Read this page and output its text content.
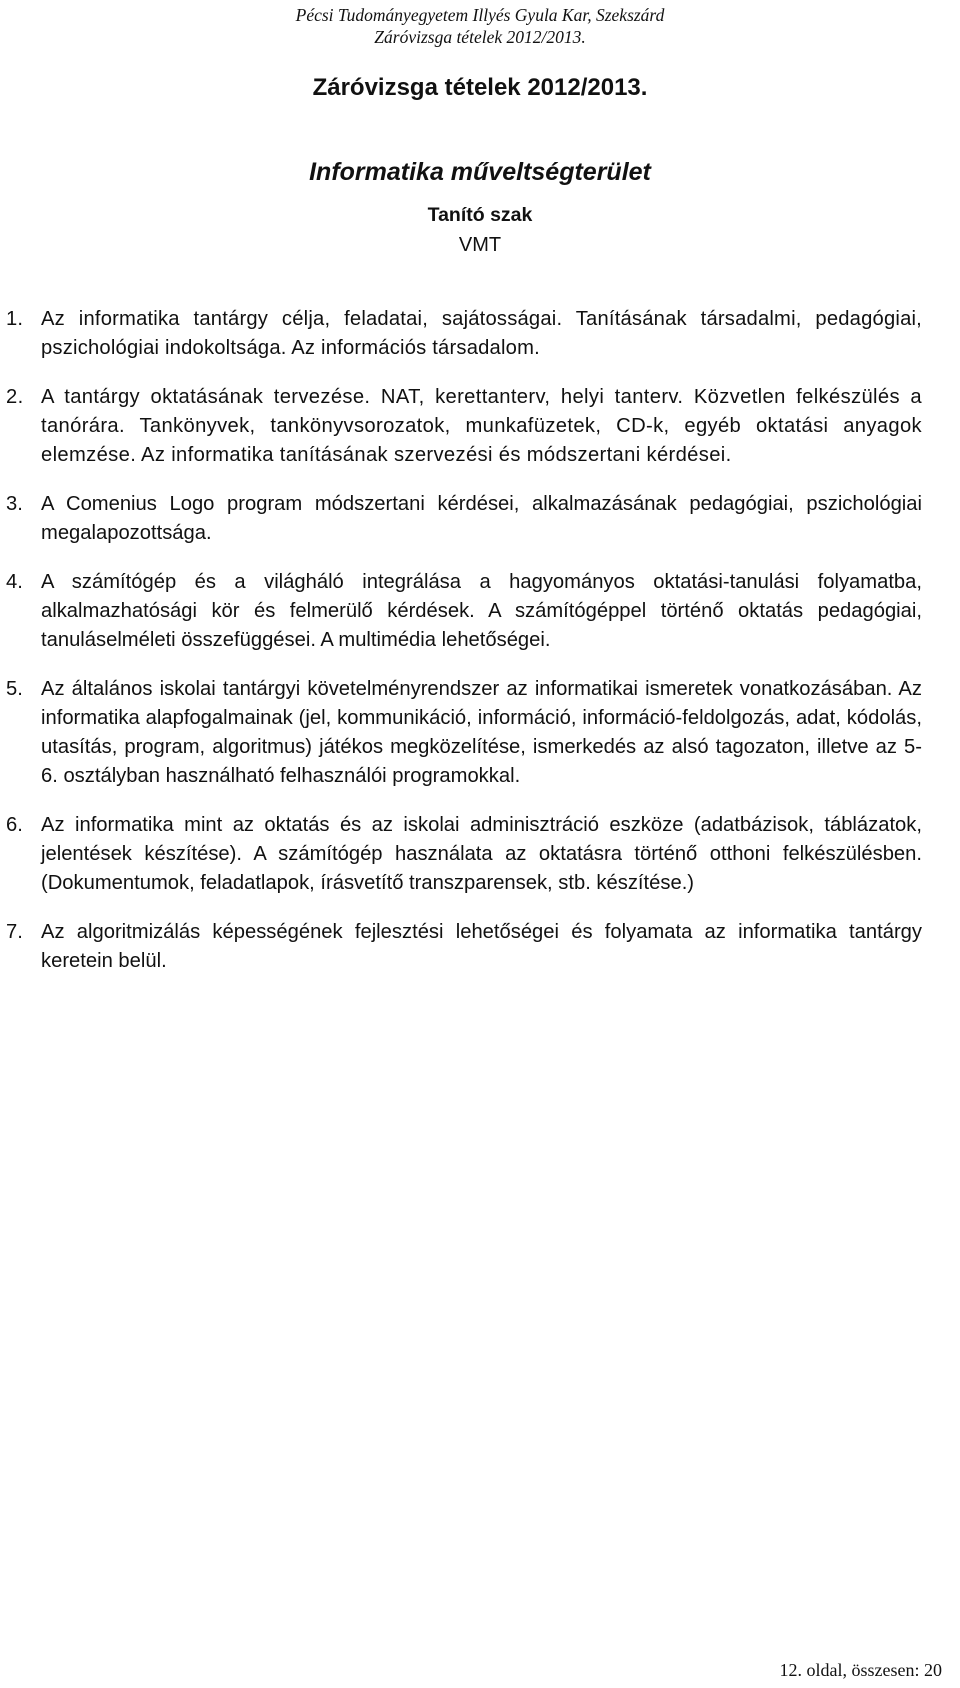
Pécsi Tudományegyetem Illyés Gyula Kar, Szekszárd
Záróvizsga tételek 2012/2013.
Záróvizsga tételek 2012/2013.
Informatika műveltségterület
Tanító szak
VMT
1. Az informatika tantárgy célja, feladatai, sajátosságai. Tanításának társadalmi, pedagógiai, pszichológiai indokoltsága. Az információs társadalom.
2. A tantárgy oktatásának tervezése. NAT, kerettanterv, helyi tanterv. Közvetlen felkészülés a tanórára. Tankönyvek, tankönyvsorozatok, munkafüzetek, CD-k, egyéb oktatási anyagok elemzése. Az informatika tanításának szervezési és módszertani kérdései.
3. A Comenius Logo program módszertani kérdései, alkalmazásának pedagógiai, pszichológiai megalapozottsága.
4. A számítógép és a világháló integrálása a hagyományos oktatási-tanulási folyamatba, alkalmazhatósági kör és felmerülő kérdések. A számítógéppel történő oktatás pedagógiai, tanuláselméleti összefüggései. A multimédia lehetőségei.
5. Az általános iskolai tantárgyi követelményrendszer az informatikai ismeretek vonatkozásában. Az informatika alapfogalmainak (jel, kommunikáció, információ, információ-feldolgozás, adat, kódolás, utasítás, program, algoritmus) játékos megközelítése, ismerkedés az alsó tagozaton, illetve az 5-6. osztályban használható felhasználói programokkal.
6. Az informatika mint az oktatás és az iskolai adminisztráció eszköze (adatbázisok, táblázatok, jelentések készítése). A számítógép használata az oktatásra történő otthoni felkészülésben. (Dokumentumok, feladatlapok, írásvetítő transzparensek, stb. készítése.)
7. Az algoritmizálás képességének fejlesztési lehetőségei és folyamata az informatika tantárgy keretein belül.
12. oldal, összesen: 20
